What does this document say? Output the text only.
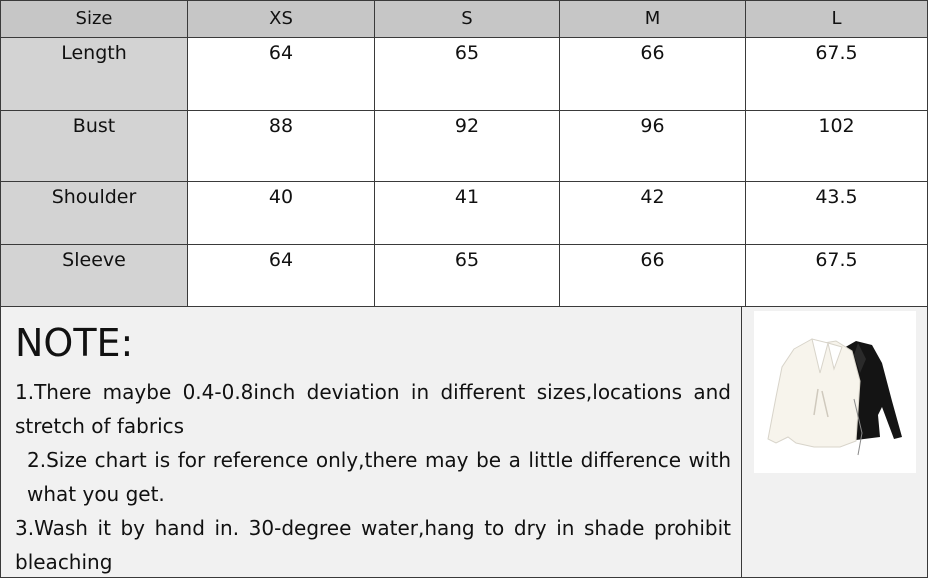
Size	XS	S	M	L
Length	64	65	66	67.5
Bust	88	92	96	102
Shoulder	40	41	42	43.5
Sleeve	64	65	66	67.5
NOTE:

1.There maybe 0.4-0.8inch deviation in different sizes,locations and stretch of fabrics

2.Size chart is for reference only,there may be a little difference with what you get.

3.Wash it by hand in. 30-degree water,hang to dry in shade prohibit bleaching
